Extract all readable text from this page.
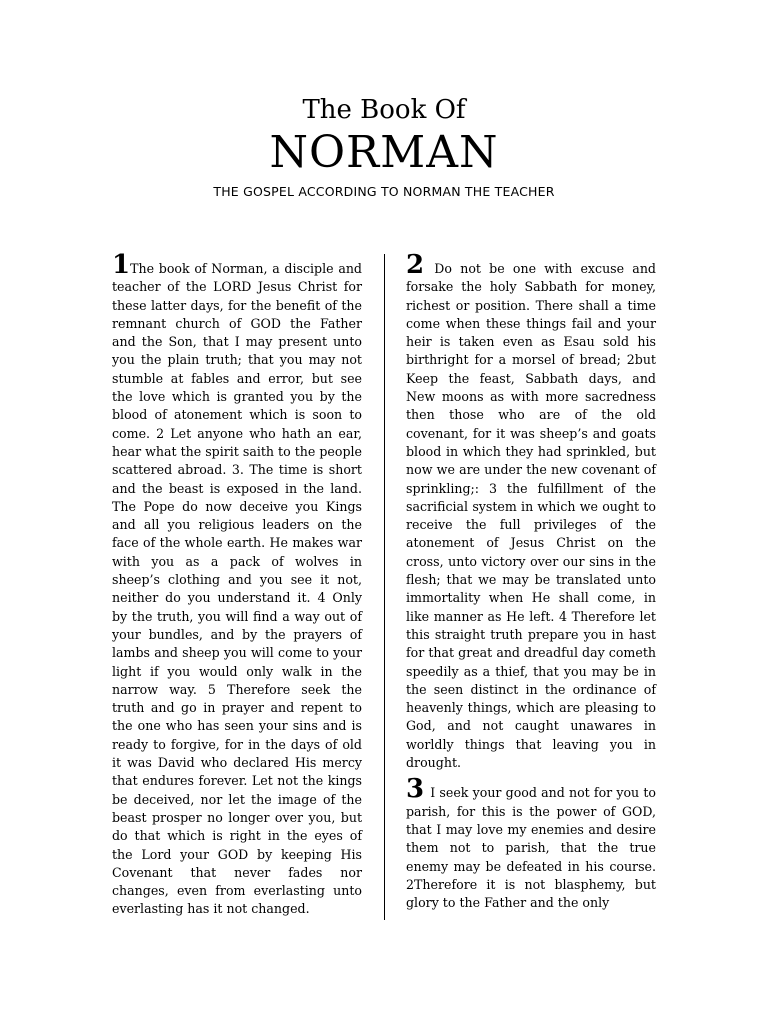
The Book Of
NORMAN
THE GOSPEL ACCORDING TO NORMAN THE TEACHER

1The book of Norman, a disciple and teacher of the LORD Jesus Christ for these latter days, for the benefit of the remnant church of GOD the Father and the Son, that I may present unto you the plain truth; that you may not stumble at fables and error, but see the love which is granted you by the blood of atonement which is soon to come. 2 Let anyone who hath an ear, hear what the spirit saith to the people scattered abroad. 3. The time is short and the beast is exposed in the land. The Pope do now deceive you Kings and all you religious leaders on the face of the whole earth. He makes war with you as a pack of wolves in sheep’s clothing and you see it not, neither do you understand it. 4 Only by the truth, you will find a way out of your bundles, and by the prayers of lambs and sheep you will come to your light if you would only walk in the narrow way. 5 Therefore seek the truth and go in prayer and repent to the one who has seen your sins and is ready to forgive, for in the days of old it was David who declared His mercy that endures forever. Let not the kings be deceived, nor let the image of the beast prosper no longer over you, but do that which is right in the eyes of the Lord your GOD by keeping His Covenant that never fades nor changes, even from everlasting unto everlasting has it not changed.

2 Do not be one with excuse and forsake the holy Sabbath for money, richest or position. There shall a time come when these things fail and your heir is taken even as Esau sold his birthright for a morsel of bread; 2but Keep the feast, Sabbath days, and New moons as with more sacredness then those who are of the old covenant, for it was sheep’s and goats blood in which they had sprinkled, but now we are under the new covenant of sprinkling;: 3 the fulfillment of the sacrificial system in which we ought to receive the full privileges of the atonement of Jesus Christ on the cross, unto victory over our sins in the flesh; that we may be translated unto immortality when He shall come, in like manner as He left. 4 Therefore let this straight truth prepare you in hast for that great and dreadful day cometh speedily as a thief, that you may be in the seen distinct in the ordinance of heavenly things, which are pleasing to God, and not caught unawares in worldly things that leaving you in drought.

3 I seek your good and not for you to parish, for this is the power of GOD, that I may love my enemies and desire them not to parish, that the true enemy may be defeated in his course. 2Therefore it is not blasphemy, but glory to the Father and the only
